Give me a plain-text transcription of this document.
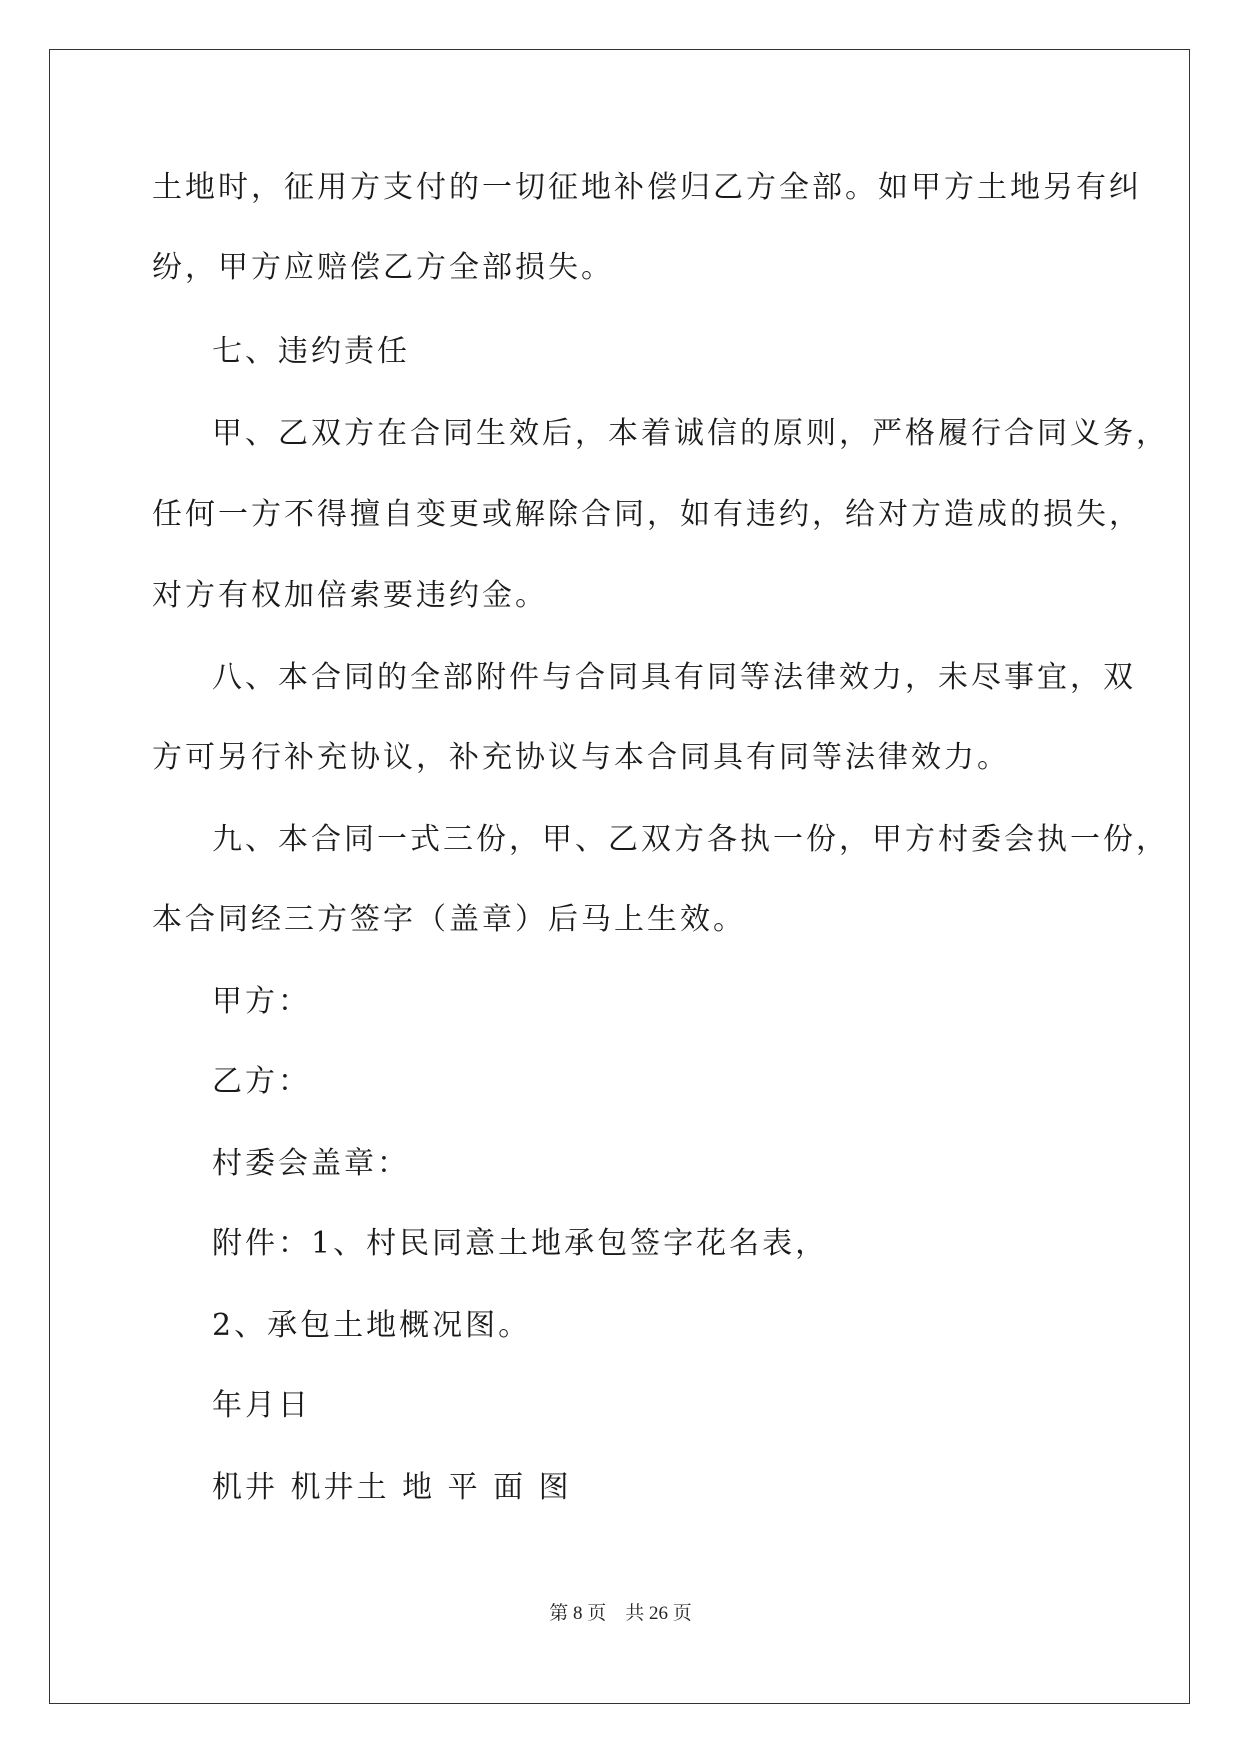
土地时，征用方支付的一切征地补偿归乙方全部。如甲方土地另有纠
纷，甲方应赔偿乙方全部损失。
七、违约责任
甲、乙双方在合同生效后，本着诚信的原则，严格履行合同义务，
任何一方不得擅自变更或解除合同，如有违约，给对方造成的损失，
对方有权加倍索要违约金。
八、本合同的全部附件与合同具有同等法律效力，未尽事宜，双
方可另行补充协议，补充协议与本合同具有同等法律效力。
九、本合同一式三份，甲、乙双方各执一份，甲方村委会执一份，
本合同经三方签字（盖章）后马上生效。
甲方：
乙方：
村委会盖章：
附件：1、村民同意土地承包签字花名表，
2、承包土地概况图。
年月日
机井 机井土 地 平 面 图
第 8 页　共 26 页
